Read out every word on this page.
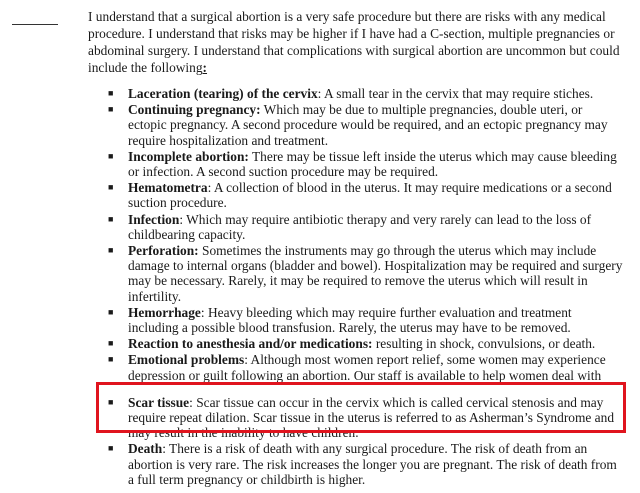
I understand that a surgical abortion is a very safe procedure but there are risks with any medical procedure. I understand that risks may be higher if I have had a C-section, multiple pregnancies or abdominal surgery. I understand that complications with surgical abortion are uncommon but could include the following:

■ Laceration (tearing) of the cervix: A small tear in the cervix that may require stiches.
■ Continuing pregnancy: Which may be due to multiple pregnancies, double uteri, or ectopic pregnancy. A second procedure would be required, and an ectopic pregnancy may require hospitalization and treatment.
■ Incomplete abortion: There may be tissue left inside the uterus which may cause bleeding or infection. A second suction procedure may be required.
■ Hematometra: A collection of blood in the uterus. It may require medications or a second suction procedure.
■ Infection: Which may require antibiotic therapy and very rarely can lead to the loss of childbearing capacity.
■ Perforation: Sometimes the instruments may go through the uterus which may include damage to internal organs (bladder and bowel). Hospitalization may be required and surgery may be necessary. Rarely, it may be required to remove the uterus which will result in infertility.
■ Hemorrhage: Heavy bleeding which may require further evaluation and treatment including a possible blood transfusion. Rarely, the uterus may have to be removed.
■ Reaction to anesthesia and/or medications: resulting in shock, convulsions, or death.
■ Emotional problems: Although most women report relief, some women may experience depression or guilt following an abortion. Our staff is available to help women deal with
■ Scar tissue: Scar tissue can occur in the cervix which is called cervical stenosis and may require repeat dilation. Scar tissue in the uterus is referred to as Asherman’s Syndrome and may result in the inability to have children.
■ Death: There is a risk of death with any surgical procedure. The risk of death from an abortion is very rare. The risk increases the longer you are pregnant. The risk of death from a full term pregnancy or childbirth is higher.
